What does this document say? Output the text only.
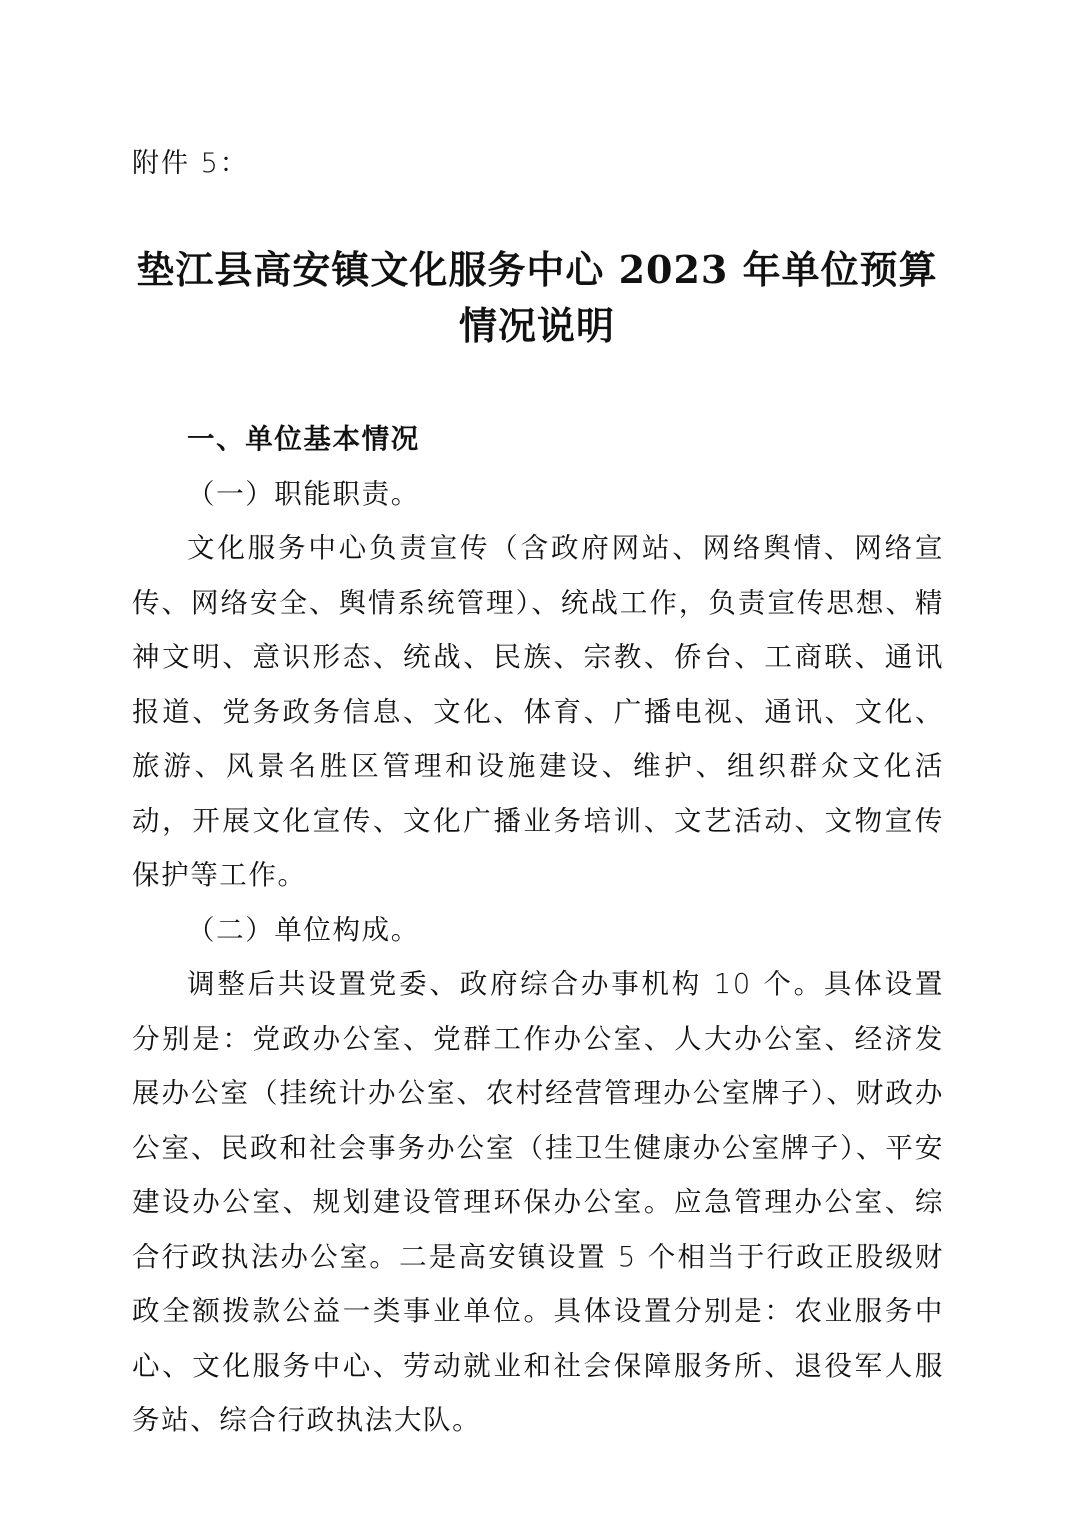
附件 5：
垫江县高安镇文化服务中心 2023 年单位预算
情况说明

一、单位基本情况

（一）职能职责。

文化服务中心负责宣传（含政府网站、网络舆情、网络宣传、网络安全、舆情系统管理）、统战工作，负责宣传思想、精神文明、意识形态、统战、民族、宗教、侨台、工商联、通讯报道、党务政务信息、文化、体育、广播电视、通讯、文化、旅游、风景名胜区管理和设施建设、维护、组织群众文化活动，开展文化宣传、文化广播业务培训、文艺活动、文物宣传保护等工作。

（二）单位构成。

调整后共设置党委、政府综合办事机构 10 个。具体设置分别是：党政办公室、党群工作办公室、人大办公室、经济发展办公室（挂统计办公室、农村经营管理办公室牌子）、财政办公室、民政和社会事务办公室（挂卫生健康办公室牌子）、平安建设办公室、规划建设管理环保办公室。应急管理办公室、综合行政执法办公室。二是高安镇设置 5 个相当于行政正股级财政全额拨款公益一类事业单位。具体设置分别是：农业服务中心、文化服务中心、劳动就业和社会保障服务所、退役军人服务站、综合行政执法大队。
